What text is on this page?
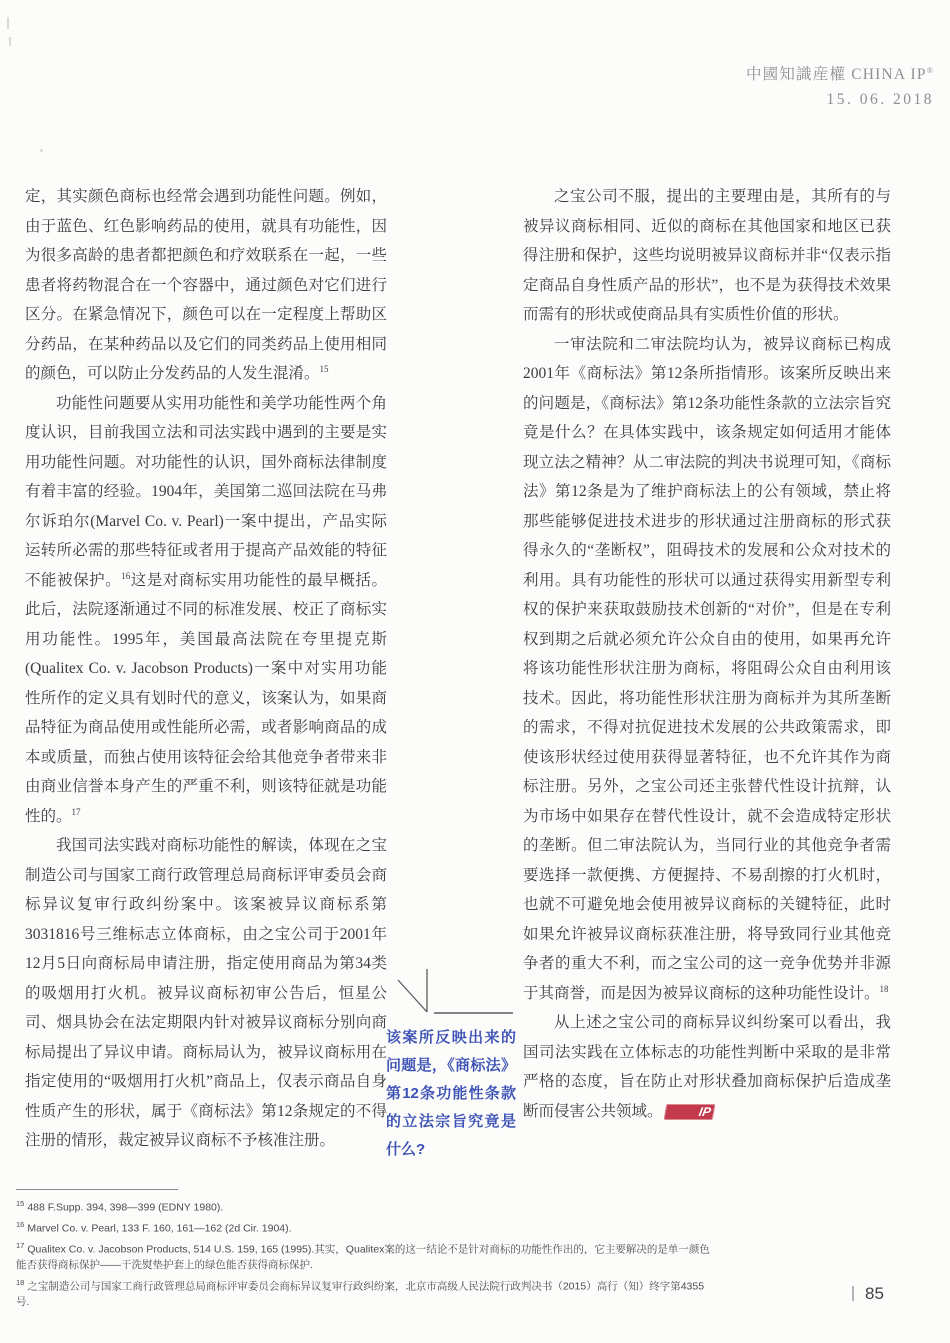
中國知識産權 CHINA IP®
15. 06. 2018

定，其实颜色商标也经常会遇到功能性问题。例如，由于蓝色、红色影响药品的使用，就具有功能性，因为很多高龄的患者都把颜色和疗效联系在一起，一些患者将药物混合在一个容器中，通过颜色对它们进行区分。在紧急情况下，颜色可以在一定程度上帮助区分药品，在某种药品以及它们的同类药品上使用相同的颜色，可以防止分发药品的人发生混淆。$^{15}$

功能性问题要从实用功能性和美学功能性两个角度认识，目前我国立法和司法实践中遇到的主要是实用功能性问题。对功能性的认识，国外商标法律制度有着丰富的经验。1904年，美国第二巡回法院在马弗尔诉珀尔(Marvel Co. v. Pearl)一案中提出，产品实际运转所必需的那些特征或者用于提高产品效能的特征不能被保护。$^{16}$这是对商标实用功能性的最早概括。此后，法院逐渐通过不同的标准发展、校正了商标实用功能性。1995年，美国最高法院在夸里提克斯(Qualitex Co. v. Jacobson Products)一案中对实用功能性所作的定义具有划时代的意义，该案认为，如果商品特征为商品使用或性能所必需，或者影响商品的成本或质量，而独占使用该特征会给其他竞争者带来非由商业信誉本身产生的严重不利，则该特征就是功能性的。$^{17}$

我国司法实践对商标功能性的解读，体现在之宝制造公司与国家工商行政管理总局商标评审委员会商标异议复审行政纠纷案中。该案被异议商标系第3031816号三维标志立体商标，由之宝公司于2001年12月5日向商标局申请注册，指定使用商品为第34类的吸烟用打火机。被异议商标初审公告后，恒星公司、烟具协会在法定期限内针对被异议商标分别向商标局提出了异议申请。商标局认为，被异议商标用在指定使用的“吸烟用打火机”商品上，仅表示商品自身性质产生的形状，属于《商标法》第12条规定的不得注册的情形，裁定被异议商标不予核准注册。

之宝公司不服，提出的主要理由是，其所有的与被异议商标相同、近似的商标在其他国家和地区已获得注册和保护，这些均说明被异议商标并非“仅表示指定商品自身性质产品的形状”，也不是为获得技术效果而需有的形状或使商品具有实质性价值的形状。

一审法院和二审法院均认为，被异议商标已构成2001年《商标法》第12条所指情形。该案所反映出来的问题是，《商标法》第12条功能性条款的立法宗旨究竟是什么？在具体实践中，该条规定如何适用才能体现立法之精神？从二审法院的判决书说理可知，《商标法》第12条是为了维护商标法上的公有领域，禁止将那些能够促进技术进步的形状通过注册商标的形式获得永久的“垄断权”，阻碍技术的发展和公众对技术的利用。具有功能性的形状可以通过获得实用新型专利权的保护来获取鼓励技术创新的“对价”，但是在专利权到期之后就必须允许公众自由的使用，如果再允许将该功能性形状注册为商标，将阻碍公众自由利用该技术。因此，将功能性形状注册为商标并为其所垄断的需求，不得对抗促进技术发展的公共政策需求，即使该形状经过使用获得显著特征，也不允许其作为商标注册。另外，之宝公司还主张替代性设计抗辩，认为市场中如果存在替代性设计，就不会造成特定形状的垄断。但二审法院认为，当同行业的其他竞争者需要选择一款便携、方便握持、不易刮擦的打火机时，也就不可避免地会使用被异议商标的关键特征，此时如果允许被异议商标获准注册，将导致同行业其他竞争者的重大不利，而之宝公司的这一竞争优势并非源于其商誉，而是因为被异议商标的这种功能性设计。$^{18}$

从上述之宝公司的商标异议纠纷案可以看出，我国司法实践在立体标志的功能性判断中采取的是非常严格的态度，旨在防止对形状叠加商标保护后造成垄断而侵害公共领域。	IP

该案所反映出来的问题是，《商标法》第12条功能性条款的立法宗旨究竟是什么?
$^{15}$ 488 F.Supp. 394, 398—399 (EDNY 1980).
$^{16}$ Marvel Co. v. Pearl, 133 F. 160, 161—162 (2d Cir. 1904).
$^{17}$ Qualitex Co. v. Jacobson Products, 514 U.S. 159, 165 (1995).其实，Qualitex案的这一结论不是针对商标的功能性作出的，它主要解决的是单一颜色能否获得商标保护——干洗熨垫护套上的绿色能否获得商标保护.
$^{18}$ 之宝制造公司与国家工商行政管理总局商标评审委员会商标异议复审行政纠纷案，北京市高级人民法院行政判决书（2015）高行（知）终字第4355号.	85
